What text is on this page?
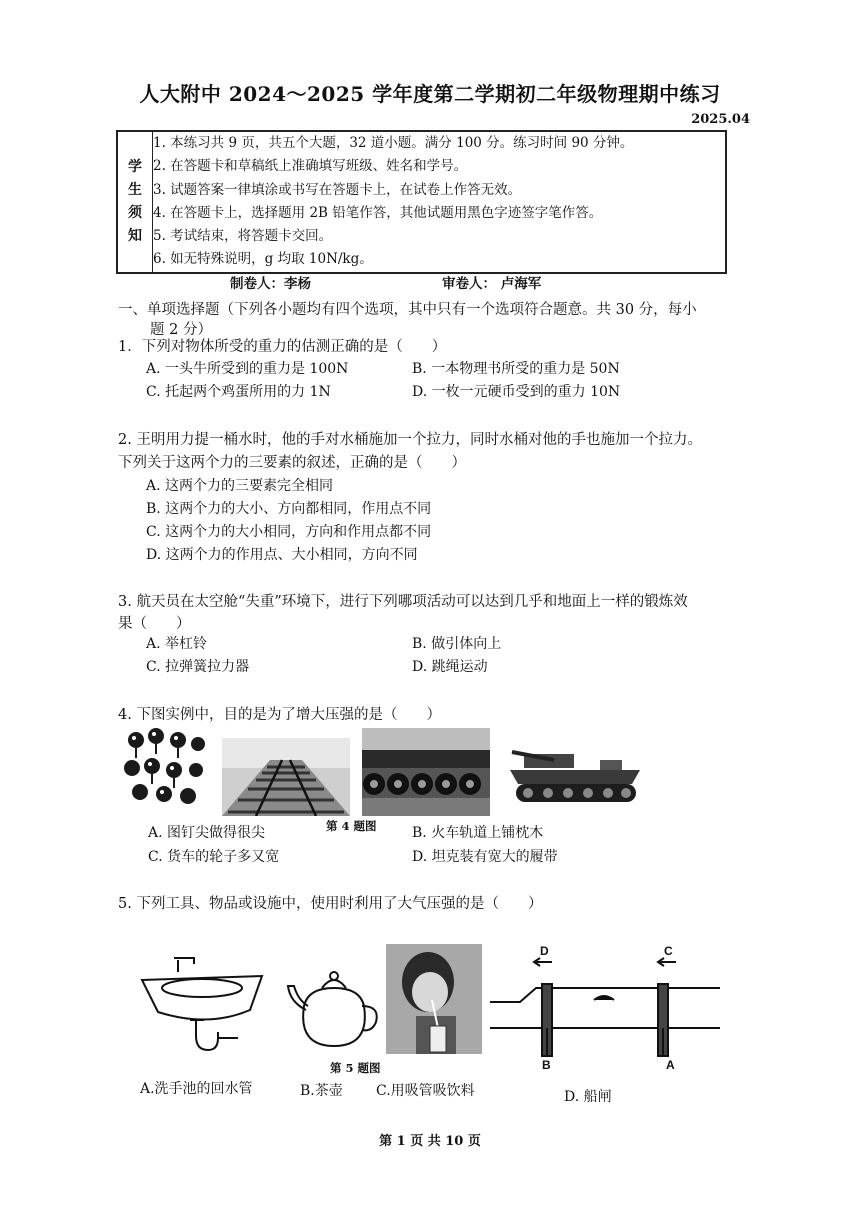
人大附中 2024～2025 学年度第二学期初二年级物理期中练习
2025.04
学
生
须
知

1. 本练习共 9 页，共五个大题，32 道小题。满分 100 分。练习时间 90 分钟。
2. 在答题卡和草稿纸上准确填写班级、姓名和学号。
3. 试题答案一律填涂或书写在答题卡上，在试卷上作答无效。
4. 在答题卡上，选择题用 2B 铅笔作答，其他试题用黑色字迹签字笔作答。
5. 考试结束，将答题卡交回。
6. 如无特殊说明，g 均取 10N/kg。
制卷人：李杨	审卷人： 卢海军
一、单项选择题（下列各小题均有四个选项，其中只有一个选项符合题意。共 30 分，每小
题 2 分）
1．下列对物体所受的重力的估测正确的是（　　）
A. 一头牛所受到的重力是 100N	B. 一本物理书所受的重力是 50N
C. 托起两个鸡蛋所用的力 1N	D. 一枚一元硬币受到的重力 10N
2. 王明用力提一桶水时，他的手对水桶施加一个拉力，同时水桶对他的手也施加一个拉力。
下列关于这两个力的三要素的叙述，正确的是（　　）
A. 这两个力的三要素完全相同
B. 这两个力的大小、方向都相同，作用点不同
C. 这两个力的大小相同，方向和作用点都不同
D. 这两个力的作用点、大小相同，方向不同
3. 航天员在太空舱“失重”环境下，进行下列哪项活动可以达到几乎和地面上一样的锻炼效
果（　　）
A. 举杠铃	B. 做引体向上
C. 拉弹簧拉力器	D. 跳绳运动
4. 下图实例中，目的是为了增大压强的是（　　）
A. 图钉尖做得很尖	第 4 题图	B. 火车轨道上铺枕木
C. 货车的轮子多又宽	D. 坦克装有宽大的履带
5. 下列工具、物品或设施中，使用时利用了大气压强的是（　　）
第 5 题图
D	C
B	A
A.洗手池的回水管	B.茶壶 C.用吸管吸饮料	D. 船闸
第 1 页 共 10 页
